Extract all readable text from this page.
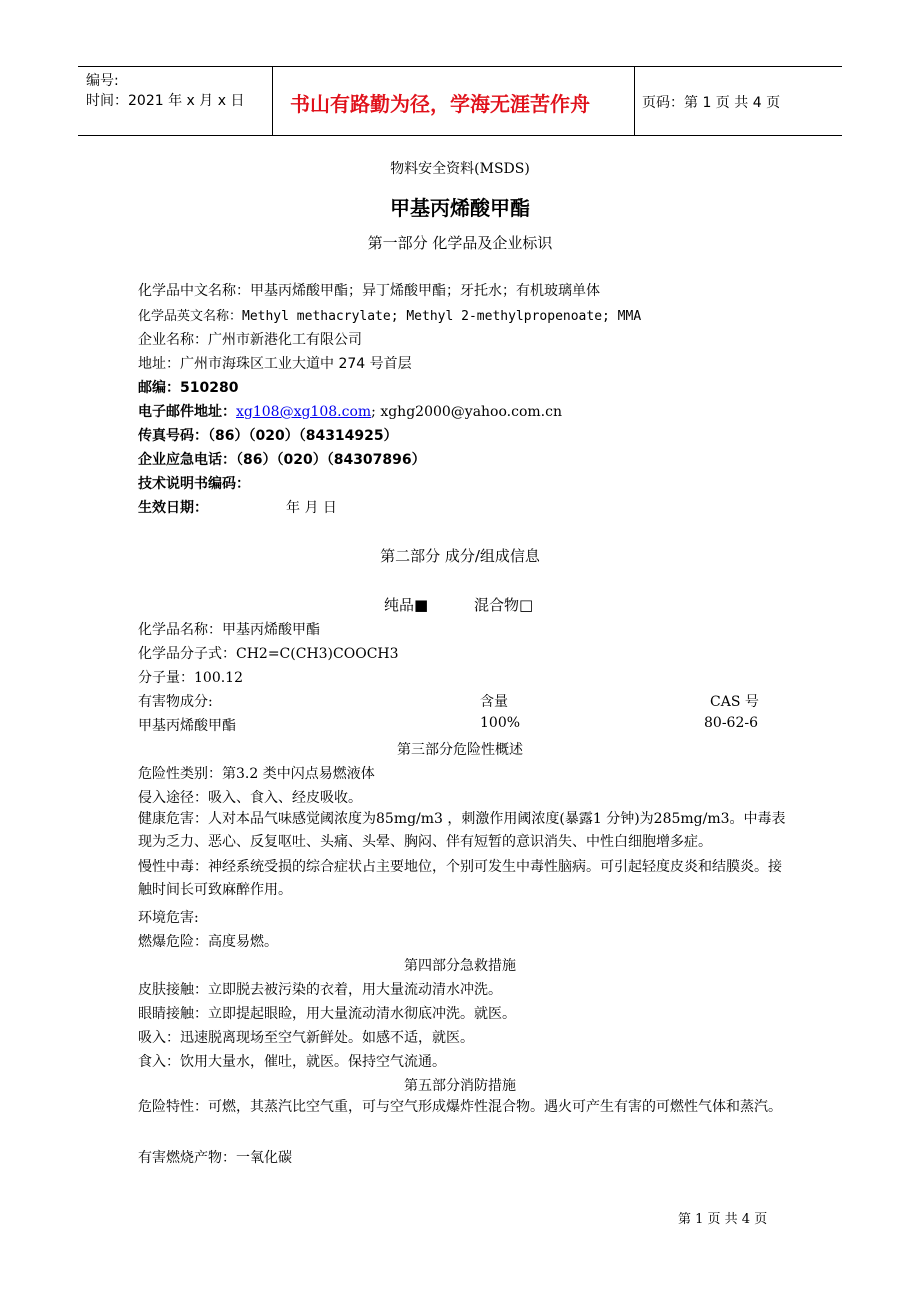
编号:
时间：2021 年 x 月 x 日 书山有路勤为径，学海无涯苦作舟	页码：第 1 页 共 4 页
物料安全资料(MSDS)
甲基丙烯酸甲酯
第一部分 化学品及企业标识
化学品中文名称：甲基丙烯酸甲酯；异丁烯酸甲酯；牙托水；有机玻璃单体
化学品英文名称：Methyl methacrylate; Methyl 2-methylpropenoate; MMA
企业名称：广州市新港化工有限公司
地址：广州市海珠区工业大道中 274 号首层
邮编：510280
电子邮件地址：xg108@xg108.com; xghg2000@yahoo.com.cn
传真号码：（86）（020）（84314925）
企业应急电话：（86）（020）（84307896）
技术说明书编码：
生效日期：	年 月 日
第二部分 成分/组成信息
纯品■	混合物□
化学品名称：甲基丙烯酸甲酯
化学品分子式：CH2=C(CH3)COOCH3
分子量：100.12
有害物成分:	含量	CAS 号
甲基丙烯酸甲酯	100%	80-62-6
第三部分危险性概述
危险性类别：第3.2 类中闪点易燃液体
侵入途径：吸入、食入、经皮吸收。
健康危害：人对本品气味感觉阈浓度为85mg/m3 ，刺激作用阈浓度(暴露1 分钟)为285mg/m3。中毒表现为乏力、恶心、反复呕吐、头痛、头晕、胸闷、伴有短暂的意识消失、中性白细胞增多症。
慢性中毒：神经系统受损的综合症状占主要地位，个别可发生中毒性脑病。可引起轻度皮炎和结膜炎。接触时间长可致麻醉作用。
环境危害:
燃爆危险：高度易燃。
第四部分急救措施
皮肤接触：立即脱去被污染的衣着，用大量流动清水冲洗。
眼睛接触：立即提起眼睑，用大量流动清水彻底冲洗。就医。
吸入：迅速脱离现场至空气新鲜处。如感不适，就医。
食入：饮用大量水，催吐，就医。保持空气流通。
第五部分消防措施
危险特性：可燃，其蒸汽比空气重，可与空气形成爆炸性混合物。遇火可产生有害的可燃性气体和蒸汽。
有害燃烧产物：一氧化碳
第 1 页 共 4 页
